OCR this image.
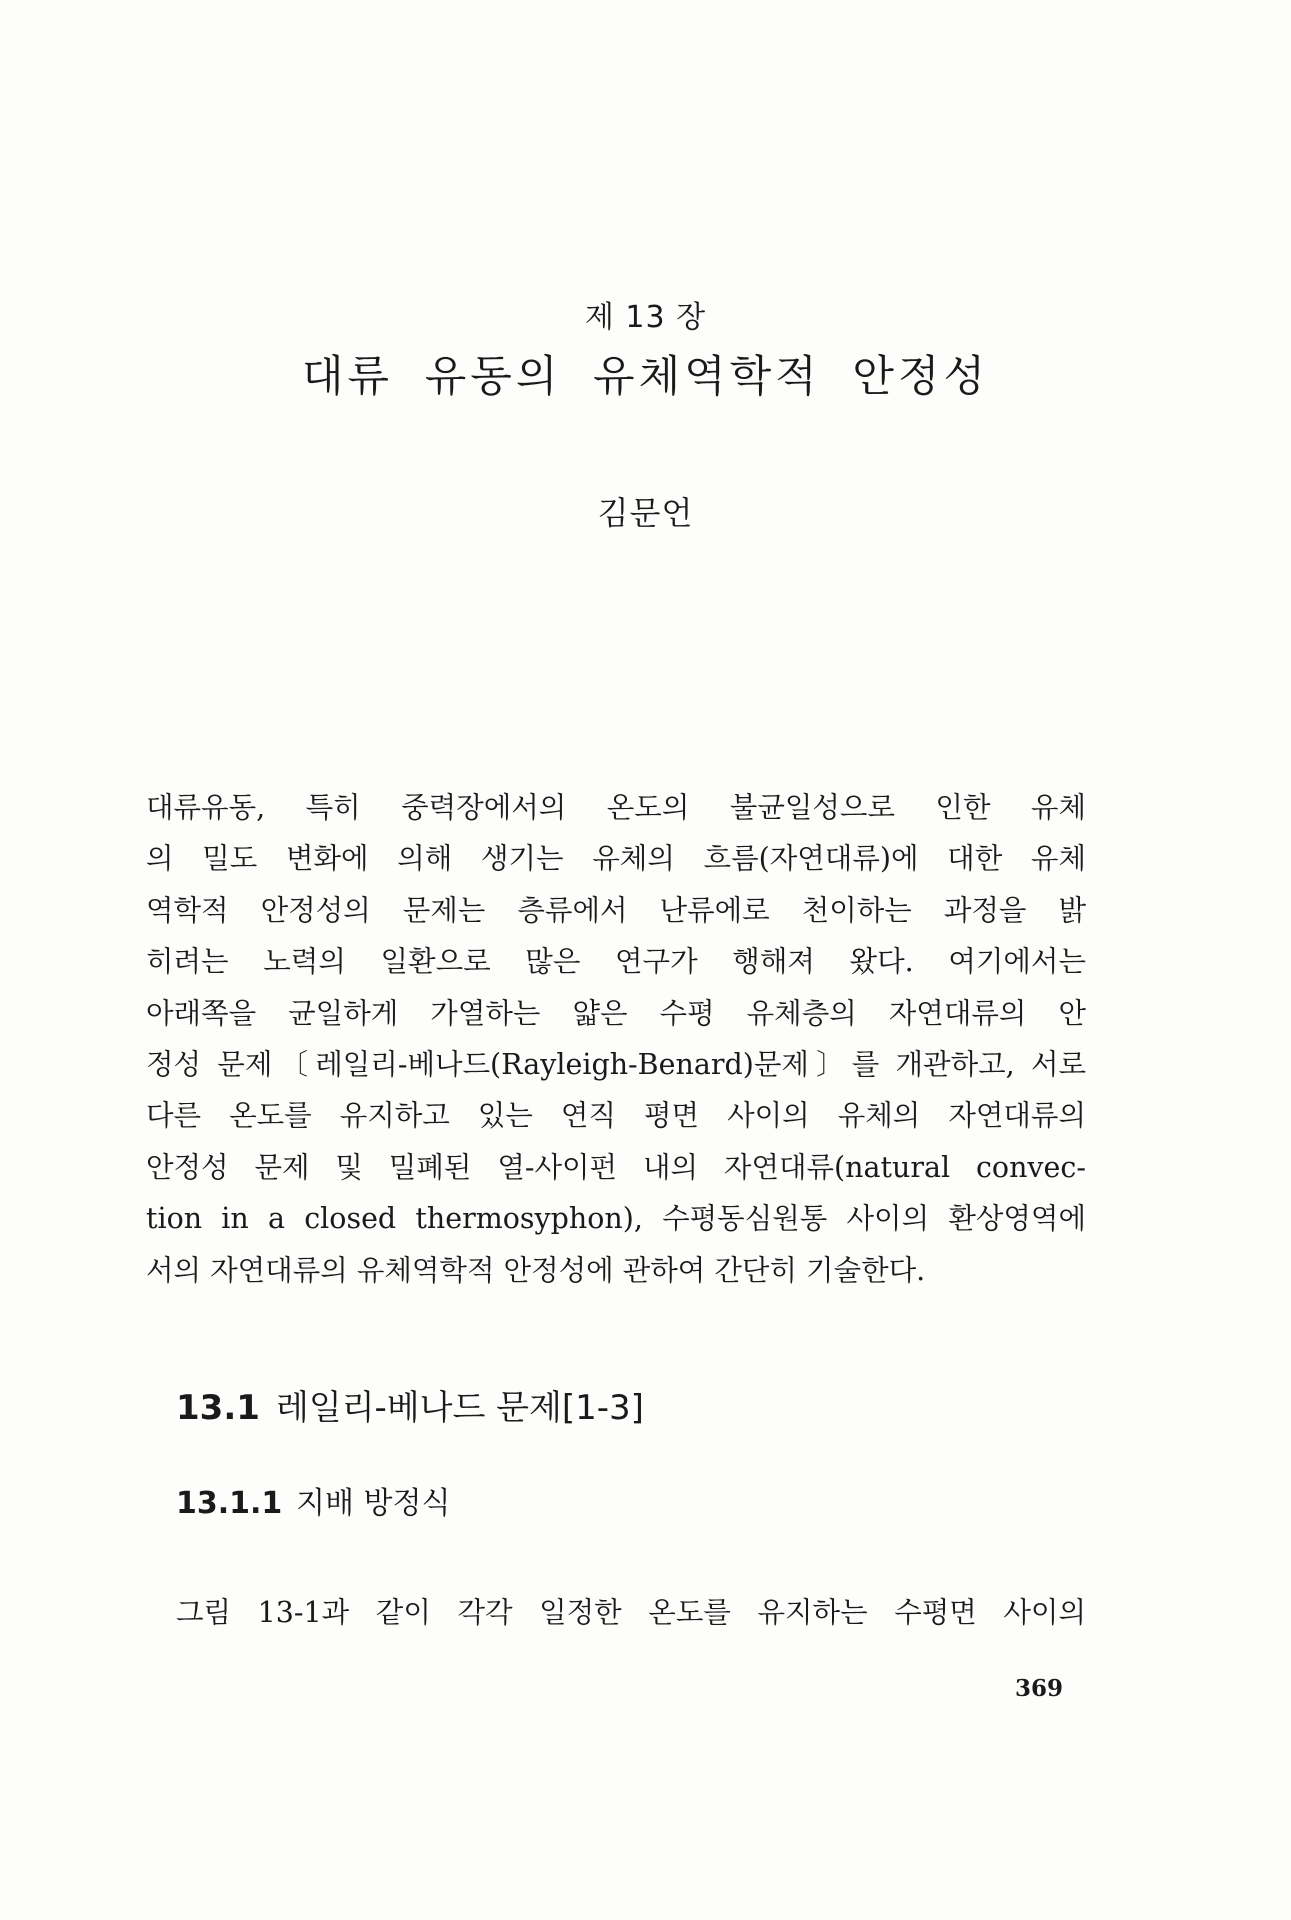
제 13 장
대류 유동의 유체역학적 안정성
김문언
대류유동, 특히 중력장에서의 온도의 불균일성으로 인한 유체
의 밀도 변화에 의해 생기는 유체의 흐름(자연대류)에 대한 유체
역학적 안정성의 문제는 층류에서 난류에로 천이하는 과정을 밝
히려는 노력의 일환으로 많은 연구가 행해져 왔다. 여기에서는
아래쪽을 균일하게 가열하는 얇은 수평 유체층의 자연대류의 안
정성 문제〔레일리-베나드(Rayleigh-Benard)문제〕를 개관하고, 서로
다른 온도를 유지하고 있는 연직 평면 사이의 유체의 자연대류의
안정성 문제 및 밀폐된 열-사이펀 내의 자연대류(natural convec-
tion in a closed thermosyphon), 수평동심원통 사이의 환상영역에
서의 자연대류의 유체역학적 안정성에 관하여 간단히 기술한다.
13.1 레일리-베나드 문제[1-3]
13.1.1 지배 방정식
그림 13-1과 같이 각각 일정한 온도를 유지하는 수평면 사이의
369
